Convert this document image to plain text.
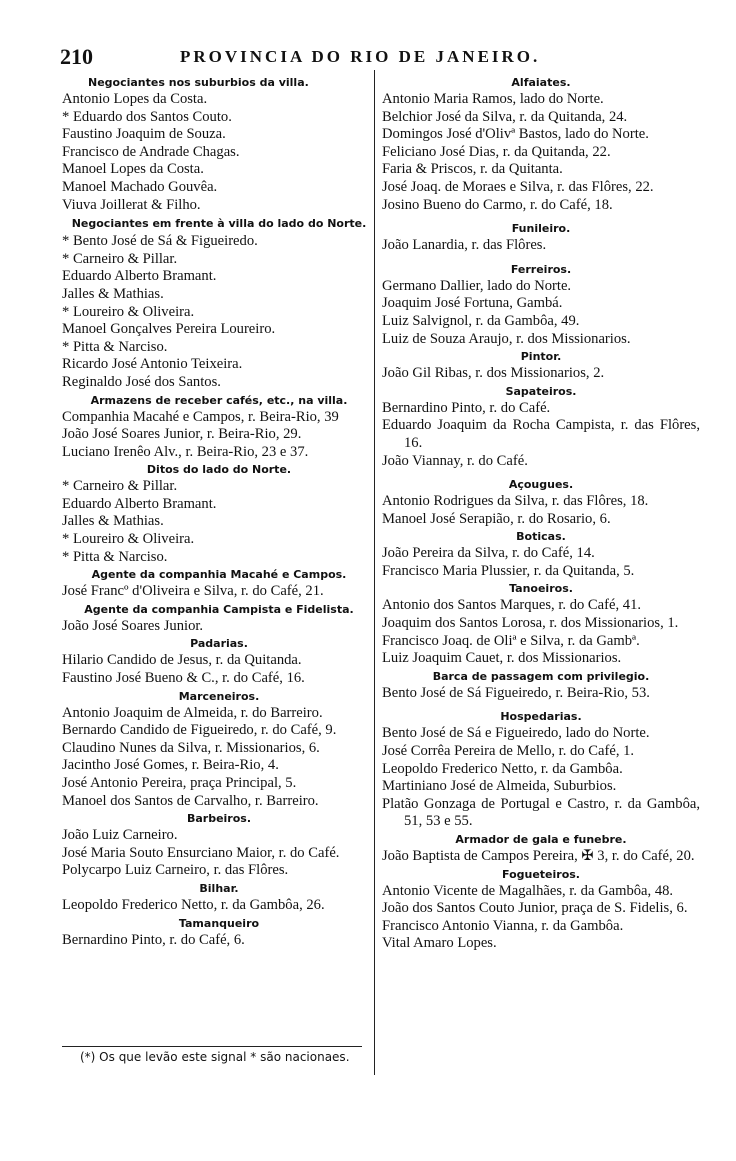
210	PROVINCIA DO RIO DE JANEIRO.
Negociantes nos suburbios da villa.
Antonio Lopes da Costa.
* Eduardo dos Santos Couto.
Faustino Joaquim de Souza.
Francisco de Andrade Chagas.
Manoel Lopes da Costa.
Manoel Machado Gouvêa.
Viuva Joillerat & Filho.
Negociantes em frente à villa do lado do Norte.
* Bento José de Sá & Figueiredo.
* Carneiro & Pillar.
Eduardo Alberto Bramant.
Jalles & Mathias.
* Loureiro & Oliveira.
Manoel Gonçalves Pereira Loureiro.
* Pitta & Narciso.
Ricardo José Antonio Teixeira.
Reginaldo José dos Santos.
Armazens de receber cafés, etc., na villa.
Companhia Macahé e Campos, r. Beira-Rio, 39
João José Soares Junior, r. Beira-Rio, 29.
Luciano Irenêo Alv., r. Beira-Rio, 23 e 37.
Ditos do lado do Norte.
* Carneiro & Pillar.
Eduardo Alberto Bramant.
Jalles & Mathias.
* Loureiro & Oliveira.
* Pitta & Narciso.
Agente da companhia Macahé e Campos.
José Francº d'Oliveira e Silva, r. do Café, 21.
Agente da companhia Campista e Fidelista.
João José Soares Junior.
Padarias.
Hilario Candido de Jesus, r. da Quitanda.
Faustino José Bueno & C., r. do Café, 16.
Marceneiros.
Antonio Joaquim de Almeida, r. do Barreiro.
Bernardo Candido de Figueiredo, r. do Café, 9.
Claudino Nunes da Silva, r. Missionarios, 6.
Jacintho José Gomes, r. Beira-Rio, 4.
José Antonio Pereira, praça Principal, 5.
Manoel dos Santos de Carvalho, r. Barreiro.
Barbeiros.
João Luiz Carneiro.
José Maria Souto Ensurciano Maior, r. do Café.
Polycarpo Luiz Carneiro, r. das Flôres.
Bilhar.
Leopoldo Frederico Netto, r. da Gambôa, 26.
Tamanqueiro
Bernardino Pinto, r. do Café, 6.
Alfaiates.
Antonio Maria Ramos, lado do Norte.
Belchior José da Silva, r. da Quitanda, 24.
Domingos José d'Olivª Bastos, lado do Norte.
Feliciano José Dias, r. da Quitanda, 22.
Faria & Priscos, r. da Quitanta.
José Joaq. de Moraes e Silva, r. das Flôres, 22.
Josino Bueno do Carmo, r. do Café, 18.
Funileiro.
João Lanardia, r. das Flôres.
Ferreiros.
Germano Dallier, lado do Norte.
Joaquim José Fortuna, Gambá.
Luiz Salvignol, r. da Gambôa, 49.
Luiz de Souza Araujo, r. dos Missionarios.
Pintor.
João Gil Ribas, r. dos Missionarios, 2.
Sapateiros.
Bernardino Pinto, r. do Café.
Eduardo Joaquim da Rocha Campista, r. das Flôres, 16.
João Viannay, r. do Café.
Açougues.
Antonio Rodrigues da Silva, r. das Flôres, 18.
Manoel José Serapião, r. do Rosario, 6.
Boticas.
João Pereira da Silva, r. do Café, 14.
Francisco Maria Plussier, r. da Quitanda, 5.
Tanoeiros.
Antonio dos Santos Marques, r. do Café, 41.
Joaquim dos Santos Lorosa, r. dos Missionarios, 1.
Francisco Joaq. de Oliª e Silva, r. da Gambª.
Luiz Joaquim Cauet, r. dos Missionarios.
Barca de passagem com privilegio.
Bento José de Sá Figueiredo, r. Beira-Rio, 53.
Hospedarias.
Bento José de Sá e Figueiredo, lado do Norte.
José Corrêa Pereira de Mello, r. do Café, 1.
Leopoldo Frederico Netto, r. da Gambôa.
Martiniano José de Almeida, Suburbios.
Platão Gonzaga de Portugal e Castro, r. da Gambôa, 51, 53 e 55.
Armador de gala e funebre.
João Baptista de Campos Pereira, ✠ 3, r. do Café, 20.
Fogueteiros.
Antonio Vicente de Magalhães, r. da Gambôa, 48.
João dos Santos Couto Junior, praça de S. Fidelis, 6.
Francisco Antonio Vianna, r. da Gambôa.
Vital Amaro Lopes.
(*) Os que levão este signal * são nacionaes.
